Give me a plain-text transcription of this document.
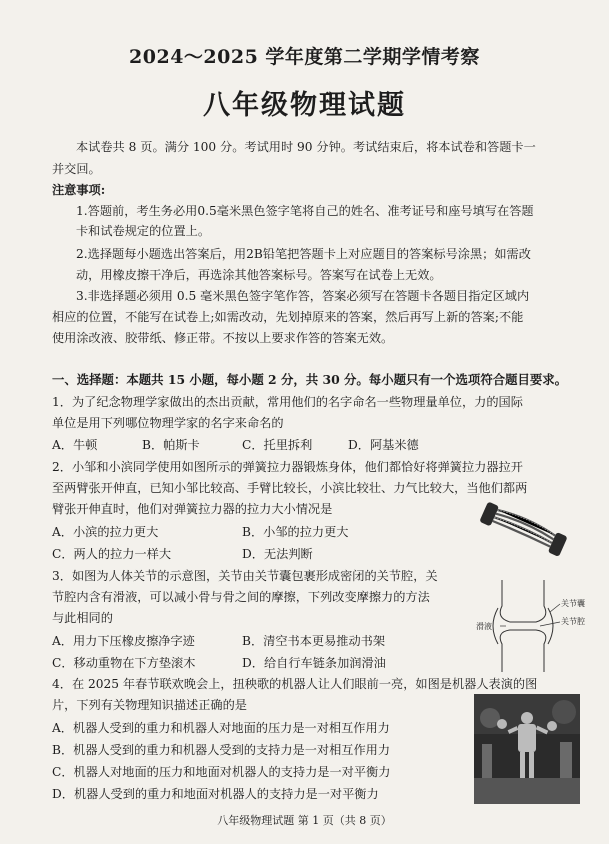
2024～2025 学年度第二学期学情考察
八年级物理试题
本试卷共 8 页。满分 100 分。考试用时 90 分钟。考试结束后，将本试卷和答题卡一
并交回。
注意事项:
1.答题前，考生务必用0.5毫米黑色签字笔将自己的姓名、准考证号和座号填写在答题
卡和试卷规定的位置上。
2.选择题每小题选出答案后，用2B铅笔把答题卡上对应题目的答案标号涂黑；如需改
动，用橡皮擦干净后，再选涂其他答案标号。答案写在试卷上无效。
3.非选择题必须用 0.5 毫米黑色签字笔作答，答案必须写在答题卡各题目指定区域内
相应的位置，不能写在试卷上;如需改动，先划掉原来的答案，然后再写上新的答案;不能
使用涂改液、胶带纸、修正带。不按以上要求作答的答案无效。
一、选择题：本题共 15 小题，每小题 2 分，共 30 分。每小题只有一个选项符合题目要求。
1．为了纪念物理学家做出的杰出贡献，常用他们的名字命名一些物理量单位，力的国际
单位是用下列哪位物理学家的名字来命名的
A．牛顿	B．帕斯卡	C．托里拆利	D．阿基米德
2．小邹和小滨同学使用如图所示的弹簧拉力器锻炼身体，他们都恰好将弹簧拉力器拉开
至两臂张开伸直，已知小邹比较高、手臂比较长，小滨比较壮、力气比较大，当他们都两
臂张开伸直时，他们对弹簧拉力器的拉力大小情况是
A．小滨的拉力更大	B．小邹的拉力更大
C．两人的拉力一样大	D．无法判断
3．如图为人体关节的示意图，关节由关节囊包裹形成密闭的关节腔，关
节腔内含有滑液，可以减小骨与骨之间的摩擦，下列改变摩擦力的方法
与此相同的
A．用力下压橡皮擦净字迹	B．清空书本更易推动书架
C．移动重物在下方垫滚木	D．给自行车链条加润滑油
关节囊
关节腔
滑液
4．在 2025 年春节联欢晚会上，扭秧歌的机器人让人们眼前一亮，如图是机器人表演的图
片，下列有关物理知识描述正确的是
A．机器人受到的重力和机器人对地面的压力是一对相互作用力
B．机器人受到的重力和机器人受到的支持力是一对相互作用力
C．机器人对地面的压力和地面对机器人的支持力是一对平衡力
D．机器人受到的重力和地面对机器人的支持力是一对平衡力
八年级物理试题 第 1 页（共 8 页）
